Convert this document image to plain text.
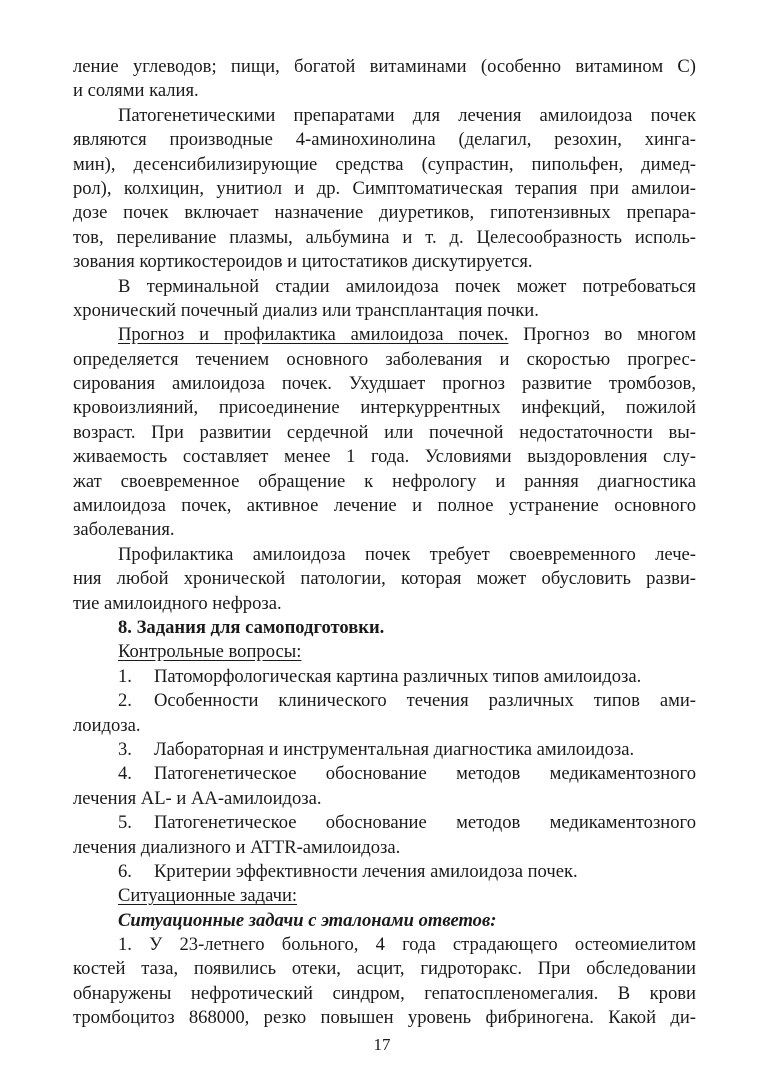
ление углеводов; пищи, богатой витаминами (особенно витамином С)
и солями калия.
Патогенетическими препаратами для лечения амилоидоза почек
являются производные 4-аминохинолина (делагил, резохин, хинга-
мин), десенсибилизирующие средства (супрастин, пипольфен, димед-
рол), колхицин, унитиол и др. Симптоматическая терапия при амилои-
дозе почек включает назначение диуретиков, гипотензивных препара-
тов, переливание плазмы, альбумина и т. д. Целесообразность исполь-
зования кортикостероидов и цитостатиков дискутируется.
В терминальной стадии амилоидоза почек может потребоваться
хронический почечный диализ или трансплантация почки.
Прогноз и профилактика амилоидоза почек. Прогноз во многом
определяется течением основного заболевания и скоростью прогрес-
сирования амилоидоза почек. Ухудшает прогноз развитие тромбозов,
кровоизлияний, присоединение интеркуррентных инфекций, пожилой
возраст. При развитии сердечной или почечной недостаточности вы-
живаемость составляет менее 1 года. Условиями выздоровления слу-
жат своевременное обращение к нефрологу и ранняя диагностика
амилоидоза почек, активное лечение и полное устранение основного
заболевания.
Профилактика амилоидоза почек требует своевременного лече-
ния любой хронической патологии, которая может обусловить разви-
тие амилоидного нефроза.
8. Задания для самоподготовки.
Контрольные вопросы:
1. Патоморфологическая картина различных типов амилоидоза.
2. Особенности клинического течения различных типов ами-
лоидоза.
3. Лабораторная и инструментальная диагностика амилоидоза.
4. Патогенетическое обоснование методов медикаментозного
лечения AL- и АА-амилоидоза.
5. Патогенетическое обоснование методов медикаментозного
лечения диализного и ATTR-амилоидоза.
6. Критерии эффективности лечения амилоидоза почек.
Ситуационные задачи:
Ситуационные задачи с эталонами ответов:
1. У 23-летнего больного, 4 года страдающего остеомиелитом
костей таза, появились отеки, асцит, гидроторакс. При обследовании
обнаружены нефротический синдром, гепатоспленомегалия. В крови
тромбоцитоз 868000, резко повышен уровень фибриногена. Какой ди-
17
